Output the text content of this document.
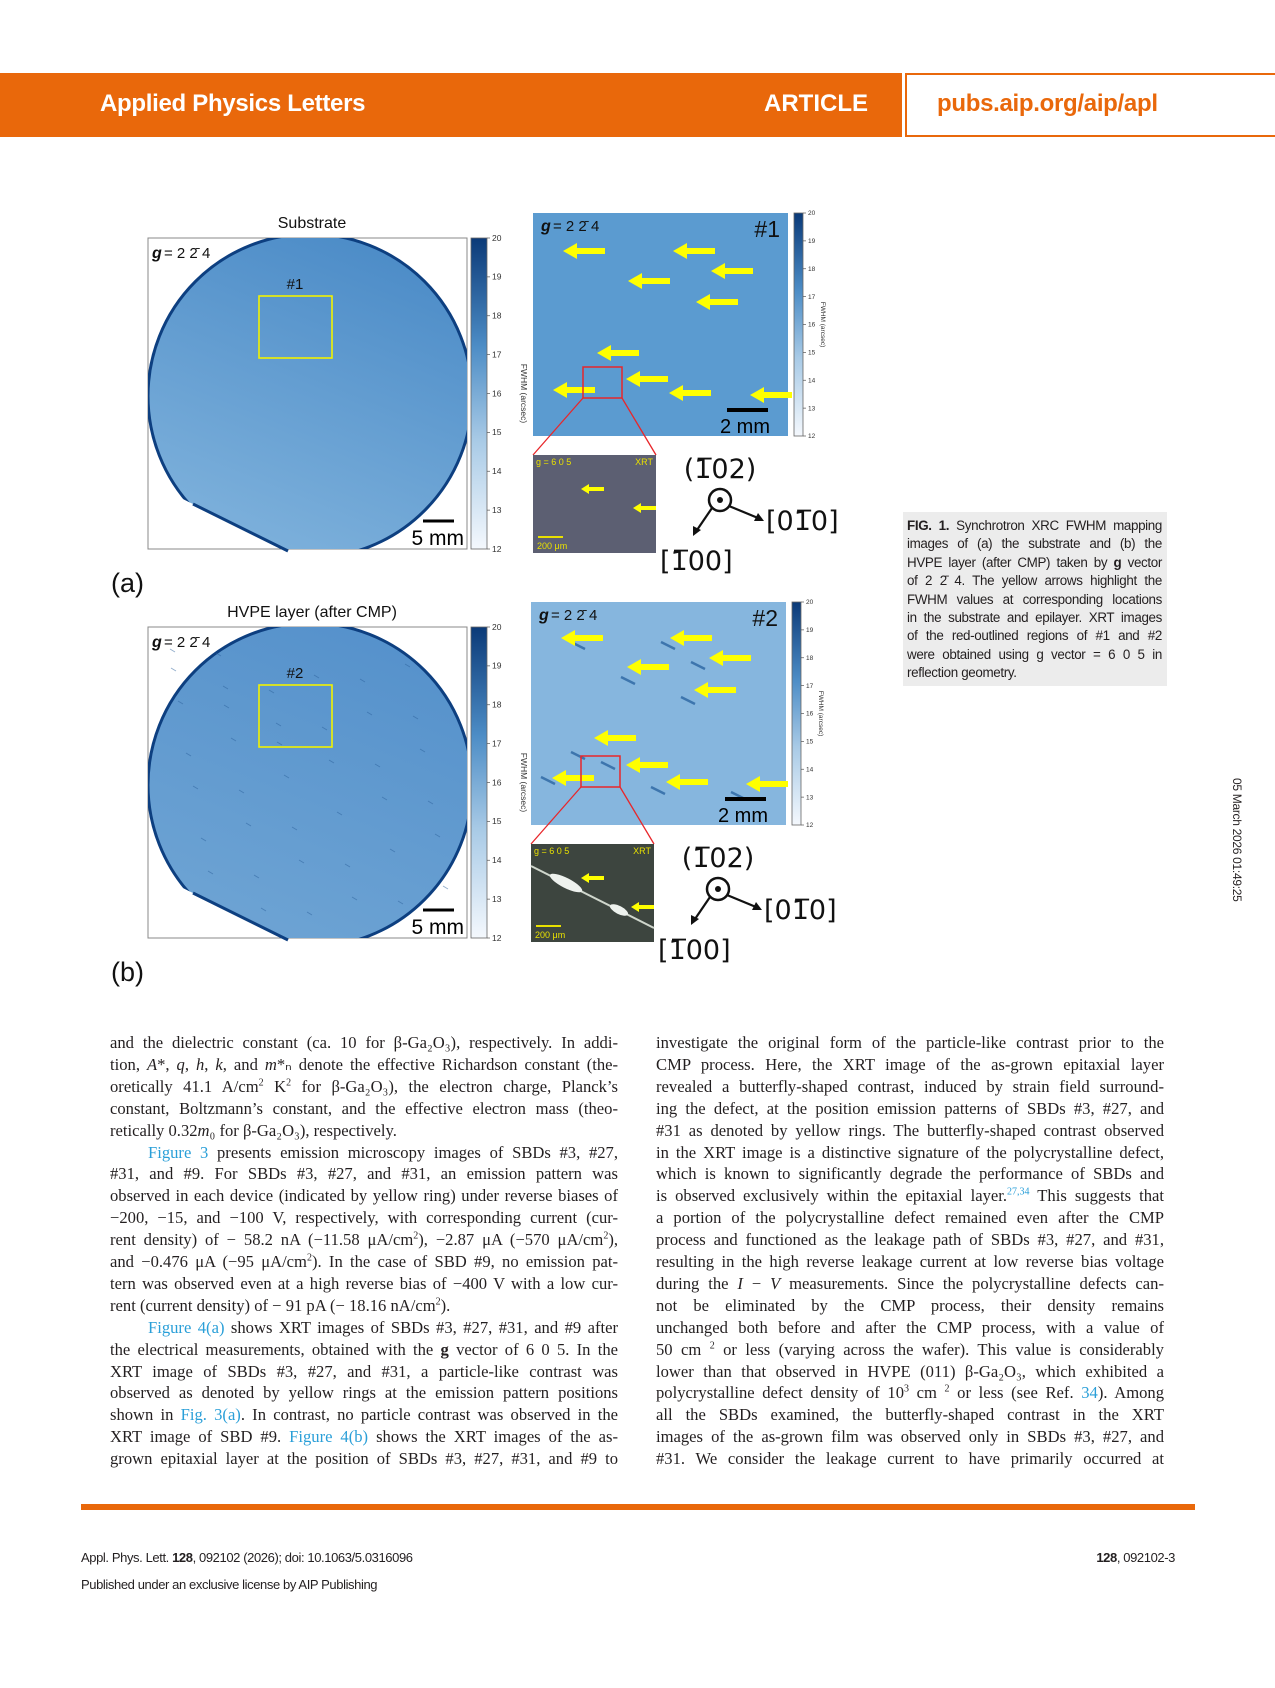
Applied Physics Letters	ARTICLE	pubs.aip.org/aip/apl
(a)
Substrate
g = 2 2̄ 4
#1
5 mm	12
13
14
15
16
17
18
19
20
FWHM (arcsec)
g = 2 2̄ 4	#1
2 mm	12
13
14
15
16
17
18
19
20
FWHM (arcsec)
g = 6 0 5	XRT
200 μm
(1̅02)
[01̅0]
[1̅00]
(b)
HVPE layer (after CMP)
g = 2 2̄ 4
#2
5 mm	12
13
14
15
16
17
18
19
20
FWHM (arcsec)
g = 2 2̄ 4	#2
2 mm	12
13
14
15
16
17
18
19
20
FWHM (arcsec)
g = 6 0 5	XRT
200 μm
(1̅02)
[01̅0]
[1̅00]
FIG. 1. Synchrotron XRC FWHM mapping
images of (a) the substrate and (b) the
HVPE layer (after CMP) taken by g vector
of 2 2̄ 4. The yellow arrows highlight the
FWHM values at corresponding locations
in the substrate and epilayer. XRT images
of the red-outlined regions of #1 and #2
were obtained using g vector = 6 0 5 in
reflection geometry.
and the dielectric constant (ca. 10 for β-Ga₂O₃), respectively. In addi-
tion, A*, q, h, k, and m*ₙ denote the effective Richardson constant (the-
oretically 41.1 $A/cm^2$ $K^2$ for β-Ga₂O₃), the electron charge, Planck’s
constant, Boltzmann’s constant, and the effective electron mass (theo-
retically 0.32m₀ for β-Ga₂O₃), respectively.
Figure 3 presents emission microscopy images of SBDs #3, #27,
#31, and #9. For SBDs #3, #27, and #31, an emission pattern was
observed in each device (indicated by yellow ring) under reverse biases of
−200, −15, and −100 V, respectively, with corresponding current (cur-
rent density) of − 58.2 nA (−11.58 $\mu A/cm^2$), −2.87 μA (−570 $\mu A/cm^2$),
and −0.476 μA (−95 $\mu A/cm^2$). In the case of SBD #9, no emission pat-
tern was observed even at a high reverse bias of −400 V with a low cur-
rent (current density) of − 91 pA (− 18.16 $nA/cm^2$).
Figure 4(a) shows XRT images of SBDs #3, #27, #31, and #9 after
the electrical measurements, obtained with the g vector of 6 0 5. In the
XRT image of SBDs #3, #27, and #31, a particle-like contrast was
observed as denoted by yellow rings at the emission pattern positions
shown in Fig. 3(a). In contrast, no particle contrast was observed in the
XRT image of SBD #9. Figure 4(b) shows the XRT images of the as-
grown epitaxial layer at the position of SBDs #3, #27, #31, and #9 to
investigate the original form of the particle-like contrast prior to the
CMP process. Here, the XRT image of the as-grown epitaxial layer
revealed a butterfly-shaped contrast, induced by strain field surround-
ing the defect, at the position emission patterns of SBDs #3, #27, and
#31 as denoted by yellow rings. The butterfly-shaped contrast observed
in the XRT image is a distinctive signature of the polycrystalline defect,
which is known to significantly degrade the performance of SBDs and
is observed exclusively within the epitaxial layer.$^{27,34}$ This suggests that
a portion of the polycrystalline defect remained even after the CMP
process and functioned as the leakage path of SBDs #3, #27, and #31,
resulting in the high reverse leakage current at low reverse bias voltage
during the I − V measurements. Since the polycrystalline defects can-
not be eliminated by the CMP process, their density remains
unchanged both before and after the CMP process, with a value of
50 cm $^2$ or less (varying across the wafer). This value is considerably
lower than that observed in HVPE (011) β-Ga₂O₃, which exhibited a
polycrystalline defect density of $10^3$ cm $^2$ or less (see Ref. 34). Among
all the SBDs examined, the butterfly-shaped contrast in the XRT
images of the as-grown film was observed only in SBDs #3, #27, and
#31. We consider the leakage current to have primarily occurred at
Appl. Phys. Lett. 128, 092102 (2026); doi: 10.1063/5.0316096	128, 092102-3
Published under an exclusive license by AIP Publishing
05 March 2026 01:49:25
